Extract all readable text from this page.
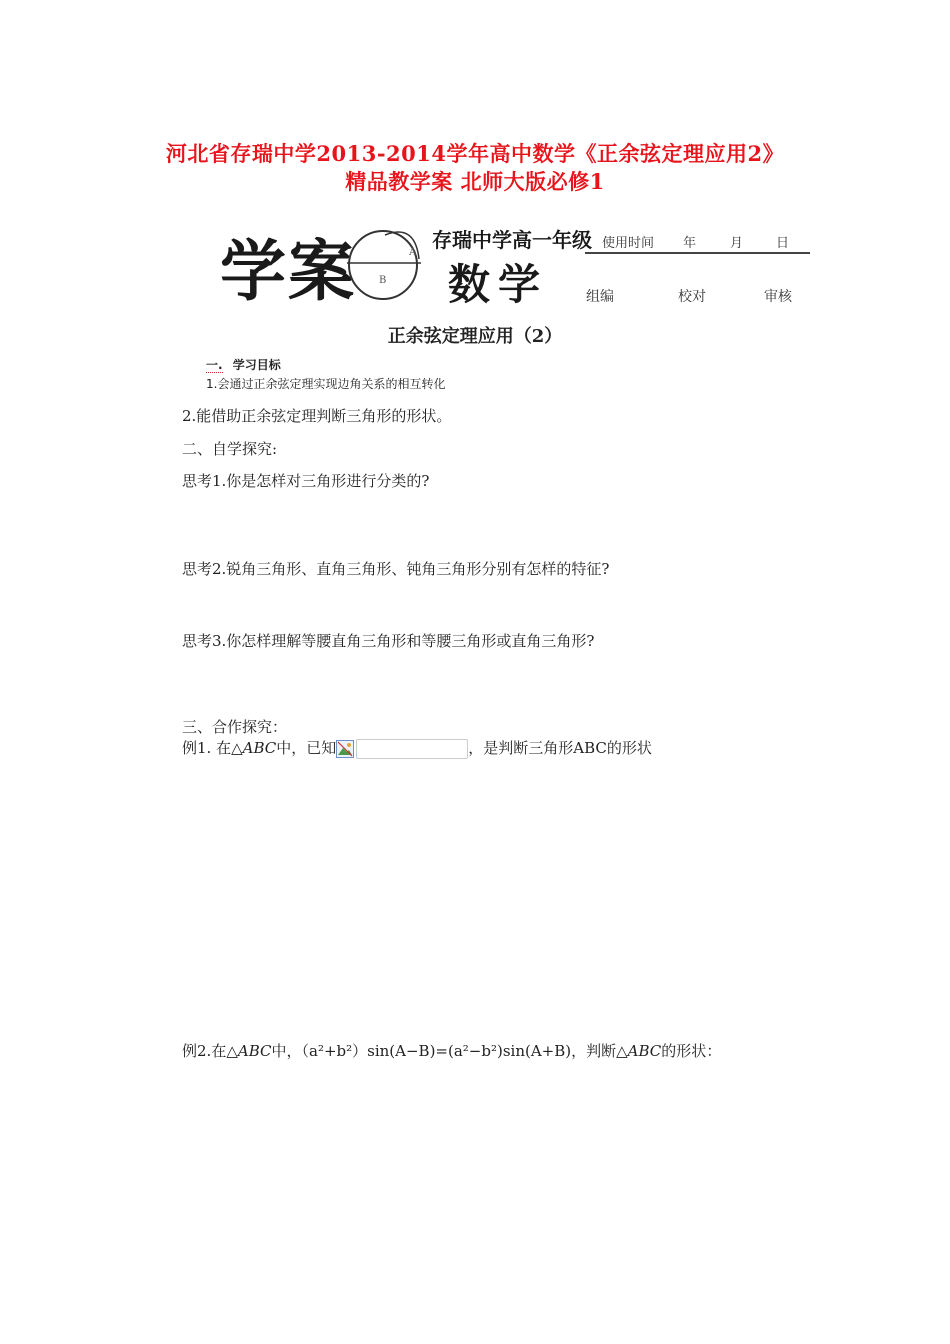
河北省存瑞中学2013-2014学年高中数学《正余弦定理应用2》
精品教学案 北师大版必修1
学案	A
B
存瑞中学高一年级
数学
使用时间 年	月	日
组编	校对	审核
正余弦定理应用（2）
一. 学习目标
1.会通过正余弦定理实现边角关系的相互转化
2.能借助正余弦定理判断三角形的形状。
二、自学探究:
思考1.你是怎样对三角形进行分类的?
思考2.锐角三角形、直角三角形、钝角三角形分别有怎样的特征?
思考3.你怎样理解等腰直角三角形和等腰三角形或直角三角形?
三、合作探究：
例1. 在△ABC中，已知	，是判断三角形ABC的形状
例2.在△ABC中，（a²+b²）sin(A−B)=(a²−b²)sin(A+B)，判断△ABC的形状：
